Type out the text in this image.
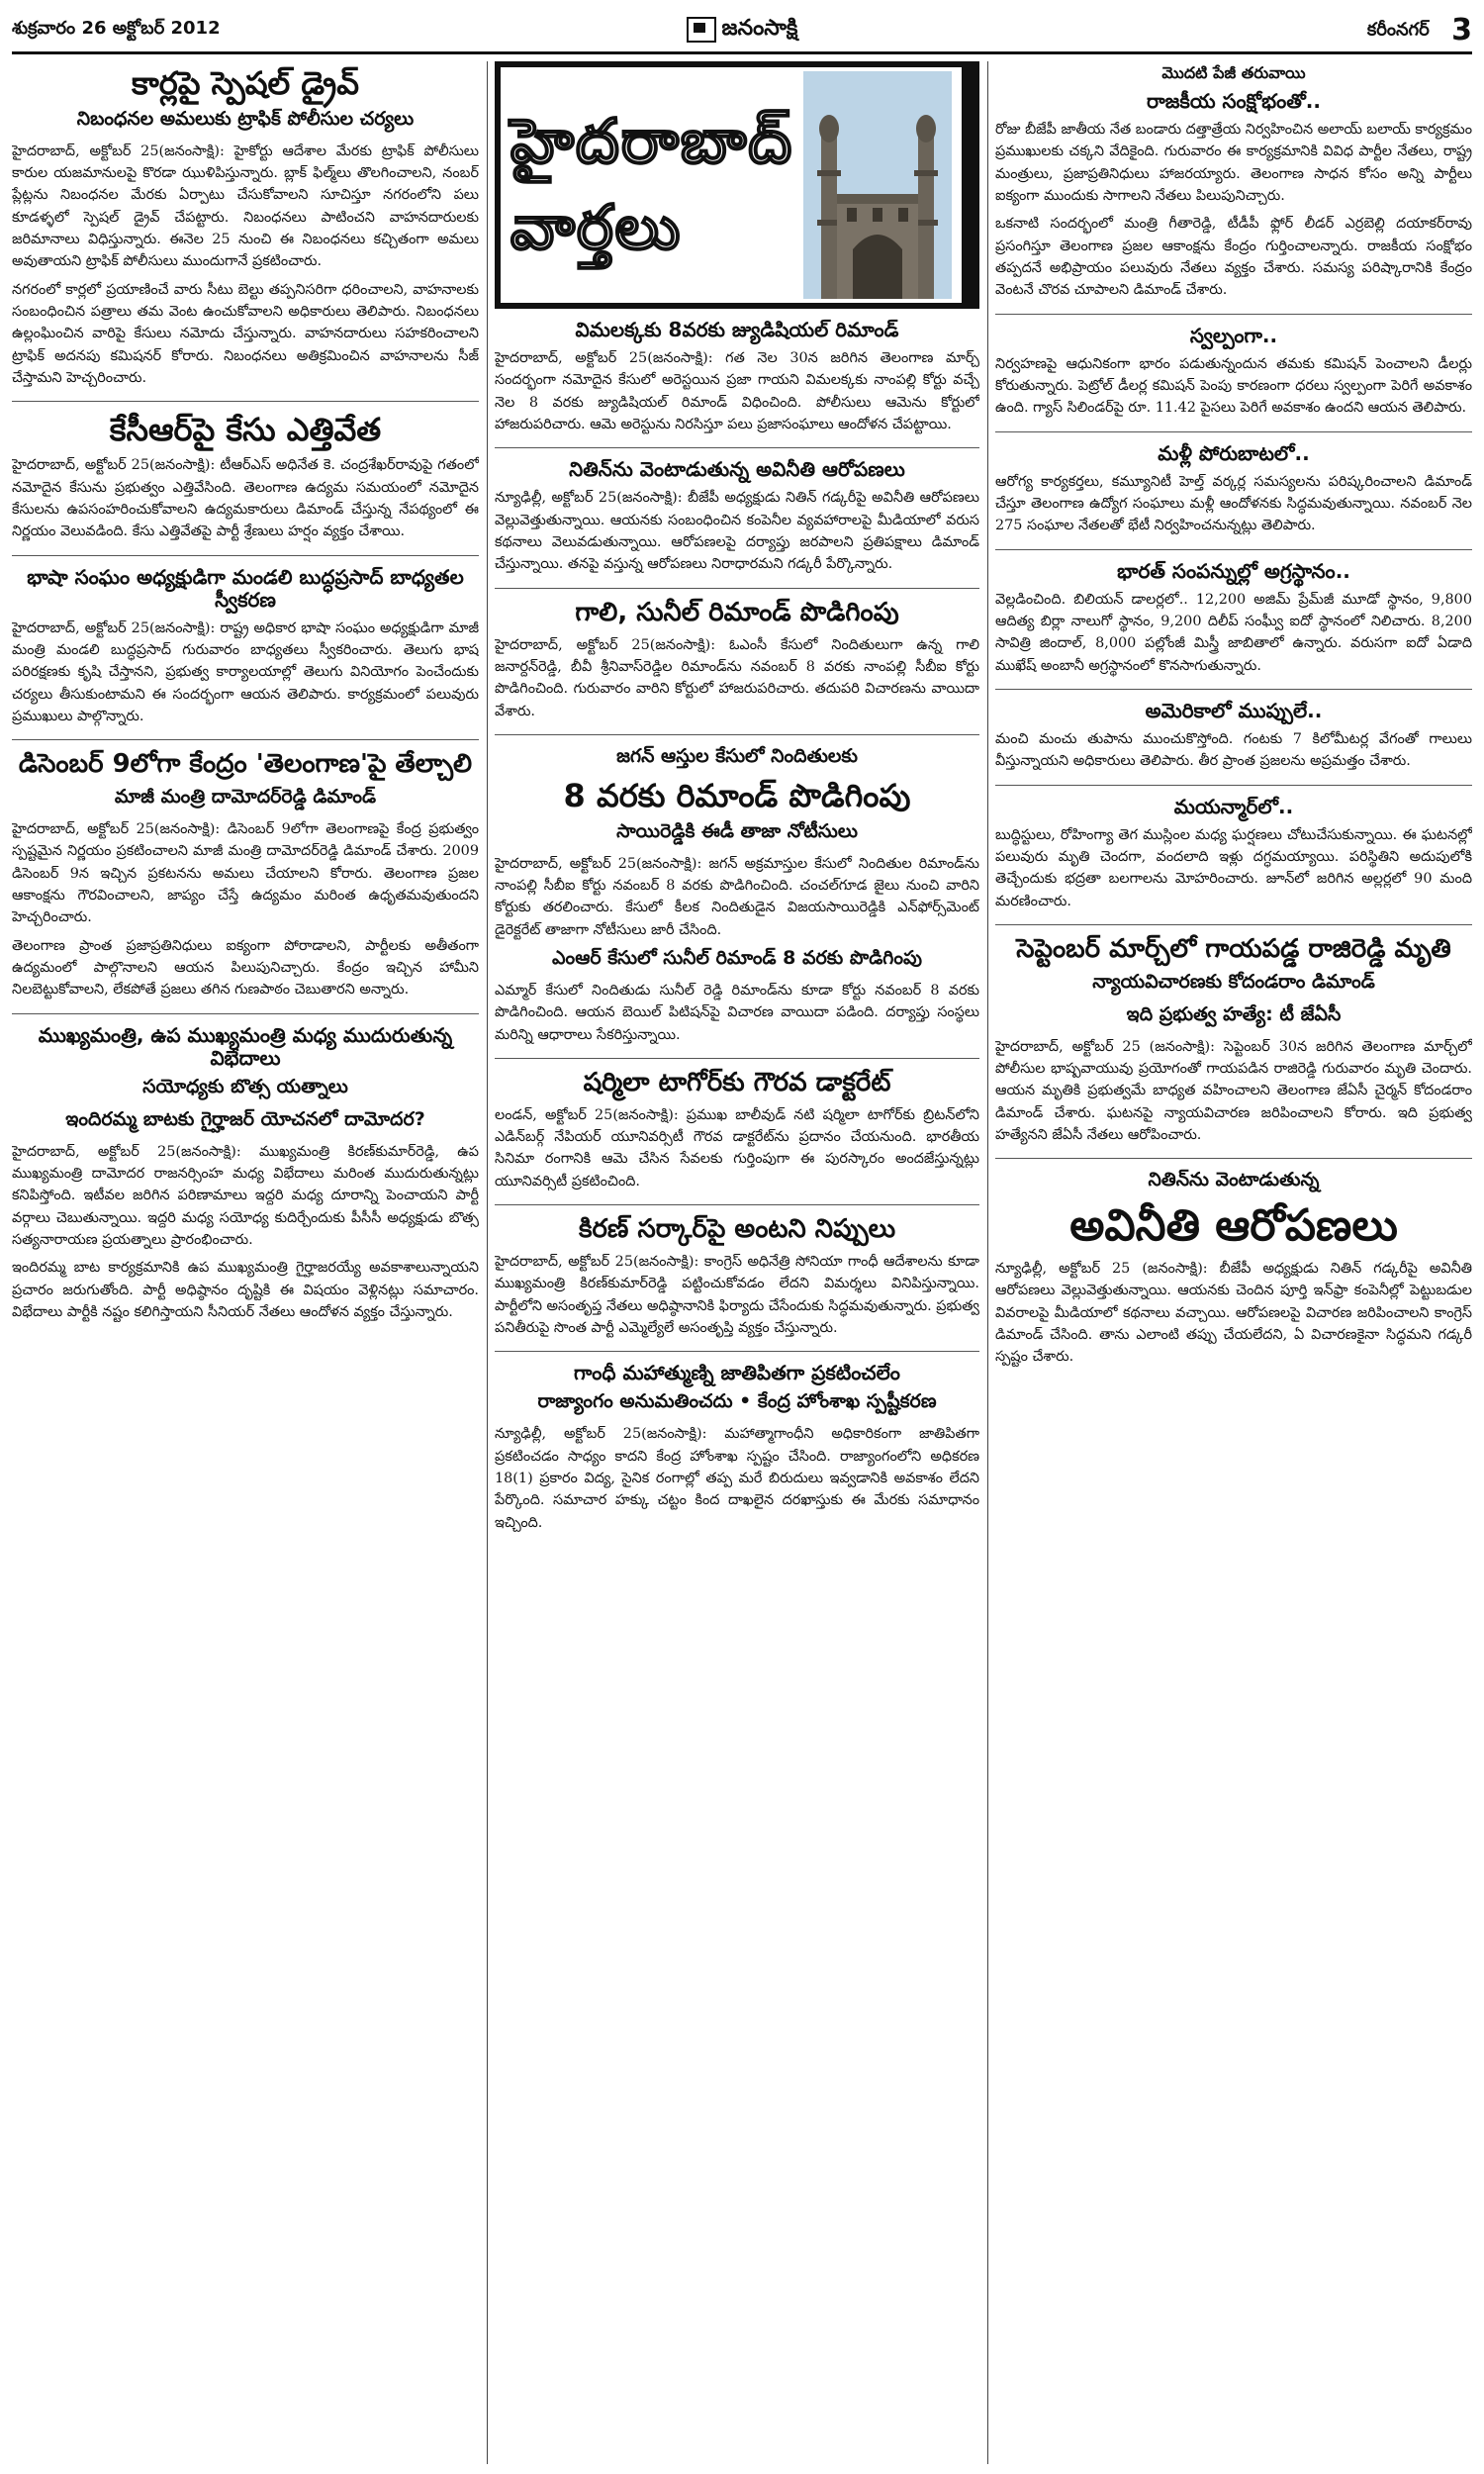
శుక్రవారం 26 అక్టోబర్ 2012	జనంసాక్షి	కరీంనగర్ 3
కార్లపై స్పెషల్ డ్రైవ్
నిబంధనల అమలుకు ట్రాఫిక్ పోలీసుల చర్యలు

హైదరాబాద్, అక్టోబర్ 25(జనంసాక్షి): హైకోర్టు ఆదేశాల మేరకు ట్రాఫిక్ పోలీసులు కారుల యజమానులపై కొరడా ఝుళిపిస్తున్నారు. బ్లాక్ ఫిల్మ్‌లు తొలగించాలని, నంబర్ ప్లేట్లను నిబంధనల మేరకు ఏర్పాటు చేసుకోవాలని సూచిస్తూ నగరంలోని పలు కూడళ్ళలో స్పెషల్ డ్రైవ్ చేపట్టారు. నిబంధనలు పాటించని వాహనదారులకు జరిమానాలు విధిస్తున్నారు. ఈనెల 25 నుంచి ఈ నిబంధనలు కచ్చితంగా అమలు అవుతాయని ట్రాఫిక్ పోలీసులు ముందుగానే ప్రకటించారు.

నగరంలో కార్లలో ప్రయాణించే వారు సీటు బెల్టు తప్పనిసరిగా ధరించాలని, వాహనాలకు సంబంధించిన పత్రాలు తమ వెంట ఉంచుకోవాలని అధికారులు తెలిపారు. నిబంధనలు ఉల్లంఘించిన వారిపై కేసులు నమోదు చేస్తున్నారు. వాహనదారులు సహకరించాలని ట్రాఫిక్ అదనపు కమిషనర్ కోరారు. నిబంధనలు అతిక్రమించిన వాహనాలను సీజ్ చేస్తామని హెచ్చరించారు.

కేసీఆర్‌పై కేసు ఎత్తివేత

హైదరాబాద్, అక్టోబర్ 25(జనంసాక్షి): టీఆర్ఎస్ అధినేత కె. చంద్రశేఖర్‌రావుపై గతంలో నమోదైన కేసును ప్రభుత్వం ఎత్తివేసింది. తెలంగాణ ఉద్యమ సమయంలో నమోదైన కేసులను ఉపసంహరించుకోవాలని ఉద్యమకారులు డిమాండ్ చేస్తున్న నేపథ్యంలో ఈ నిర్ణయం వెలువడింది. కేసు ఎత్తివేతపై పార్టీ శ్రేణులు హర్షం వ్యక్తం చేశాయి.

భాషా సంఘం అధ్యక్షుడిగా మండలి బుద్ధప్రసాద్ బాధ్యతల స్వీకరణ

హైదరాబాద్, అక్టోబర్ 25(జనంసాక్షి): రాష్ట్ర అధికార భాషా సంఘం అధ్యక్షుడిగా మాజీ మంత్రి మండలి బుద్ధప్రసాద్ గురువారం బాధ్యతలు స్వీకరించారు. తెలుగు భాష పరిరక్షణకు కృషి చేస్తానని, ప్రభుత్వ కార్యాలయాల్లో తెలుగు వినియోగం పెంచేందుకు చర్యలు తీసుకుంటామని ఈ సందర్భంగా ఆయన తెలిపారు. కార్యక్రమంలో పలువురు ప్రముఖులు పాల్గొన్నారు.

డిసెంబర్ 9లోగా కేంద్రం 'తెలంగాణ'పై తేల్చాలి
మాజీ మంత్రి దామోదర్‌రెడ్డి డిమాండ్

హైదరాబాద్, అక్టోబర్ 25(జనంసాక్షి): డిసెంబర్ 9లోగా తెలంగాణపై కేంద్ర ప్రభుత్వం స్పష్టమైన నిర్ణయం ప్రకటించాలని మాజీ మంత్రి దామోదర్‌రెడ్డి డిమాండ్ చేశారు. 2009 డిసెంబర్ 9న ఇచ్చిన ప్రకటనను అమలు చేయాలని కోరారు. తెలంగాణ ప్రజల ఆకాంక్షను గౌరవించాలని, జాప్యం చేస్తే ఉద్యమం మరింత ఉధృతమవుతుందని హెచ్చరించారు.

తెలంగాణ ప్రాంత ప్రజాప్రతినిధులు ఐక్యంగా పోరాడాలని, పార్టీలకు అతీతంగా ఉద్యమంలో పాల్గొనాలని ఆయన పిలుపునిచ్చారు. కేంద్రం ఇచ్చిన హామీని నిలబెట్టుకోవాలని, లేకపోతే ప్రజలు తగిన గుణపాఠం చెబుతారని అన్నారు.

ముఖ్యమంత్రి, ఉప ముఖ్యమంత్రి మధ్య ముదురుతున్న విభేదాలు
సయోధ్యకు బొత్స యత్నాలు
ఇందిరమ్మ బాటకు గైర్హాజర్ యోచనలో దామోదర?

హైదరాబాద్, అక్టోబర్ 25(జనంసాక్షి): ముఖ్యమంత్రి కిరణ్‌కుమార్‌రెడ్డి, ఉప ముఖ్యమంత్రి దామోదర రాజనర్సింహ మధ్య విభేదాలు మరింత ముదురుతున్నట్లు కనిపిస్తోంది. ఇటీవల జరిగిన పరిణామాలు ఇద్దరి మధ్య దూరాన్ని పెంచాయని పార్టీ వర్గాలు చెబుతున్నాయి. ఇద్దరి మధ్య సయోధ్య కుదిర్చేందుకు పీసీసీ అధ్యక్షుడు బొత్స సత్యనారాయణ ప్రయత్నాలు ప్రారంభించారు.

ఇందిరమ్మ బాట కార్యక్రమానికి ఉప ముఖ్యమంత్రి గైర్హాజరయ్యే అవకాశాలున్నాయని ప్రచారం జరుగుతోంది. పార్టీ అధిష్ఠానం దృష్టికి ఈ విషయం వెళ్లినట్లు సమాచారం. విభేదాలు పార్టీకి నష్టం కలిగిస్తాయని సీనియర్ నేతలు ఆందోళన వ్యక్తం చేస్తున్నారు.

హైదరాబాద్
వార్తలు
విమలక్కకు 8వరకు జ్యుడిషియల్ రిమాండ్

హైదరాబాద్, అక్టోబర్ 25(జనంసాక్షి): గత నెల 30న జరిగిన తెలంగాణ మార్చ్ సందర్భంగా నమోదైన కేసులో అరెస్టయిన ప్రజా గాయని విమలక్కకు నాంపల్లి కోర్టు వచ్చే నెల 8 వరకు జ్యుడిషియల్ రిమాండ్ విధించింది. పోలీసులు ఆమెను కోర్టులో హాజరుపరిచారు. ఆమె అరెస్టును నిరసిస్తూ పలు ప్రజాసంఘాలు ఆందోళన చేపట్టాయి.

నితిన్‌ను వెంటాడుతున్న అవినీతి ఆరోపణలు

న్యూఢిల్లీ, అక్టోబర్ 25(జనంసాక్షి): బీజేపీ అధ్యక్షుడు నితిన్ గడ్కరీపై అవినీతి ఆరోపణలు వెల్లువెత్తుతున్నాయి. ఆయనకు సంబంధించిన కంపెనీల వ్యవహారాలపై మీడియాలో వరుస కథనాలు వెలువడుతున్నాయి. ఆరోపణలపై దర్యాప్తు జరపాలని ప్రతిపక్షాలు డిమాండ్ చేస్తున్నాయి. తనపై వస్తున్న ఆరోపణలు నిరాధారమని గడ్కరీ పేర్కొన్నారు.

గాలి, సునీల్ రిమాండ్ పొడిగింపు

హైదరాబాద్, అక్టోబర్ 25(జనంసాక్షి): ఓఎంసీ కేసులో నిందితులుగా ఉన్న గాలి జనార్దన్‌రెడ్డి, బీవీ శ్రీనివాస్‌రెడ్డిల రిమాండ్‌ను నవంబర్ 8 వరకు నాంపల్లి సీబీఐ కోర్టు పొడిగించింది. గురువారం వారిని కోర్టులో హాజరుపరిచారు. తదుపరి విచారణను వాయిదా వేశారు.

జగన్ ఆస్తుల కేసులో నిందితులకు
8 వరకు రిమాండ్ పొడిగింపు
సాయిరెడ్డికి ఈడీ తాజా నోటీసులు

హైదరాబాద్, అక్టోబర్ 25(జనంసాక్షి): జగన్ అక్రమాస్తుల కేసులో నిందితుల రిమాండ్‌ను నాంపల్లి సీబీఐ కోర్టు నవంబర్ 8 వరకు పొడిగించింది. చంచల్‌గూడ జైలు నుంచి వారిని కోర్టుకు తరలించారు. కేసులో కీలక నిందితుడైన విజయసాయిరెడ్డికి ఎన్‌ఫోర్స్‌మెంట్ డైరెక్టరేట్ తాజాగా నోటీసులు జారీ చేసింది.

ఎంఆర్ కేసులో సునీల్ రిమాండ్ 8 వరకు పొడిగింపు

ఎమ్మార్ కేసులో నిందితుడు సునీల్ రెడ్డి రిమాండ్‌ను కూడా కోర్టు నవంబర్ 8 వరకు పొడిగించింది. ఆయన బెయిల్ పిటిషన్‌పై విచారణ వాయిదా పడింది. దర్యాప్తు సంస్థలు మరిన్ని ఆధారాలు సేకరిస్తున్నాయి.

షర్మిలా టాగోర్‌కు గౌరవ డాక్టరేట్

లండన్, అక్టోబర్ 25(జనంసాక్షి): ప్రముఖ బాలీవుడ్ నటి షర్మిలా టాగోర్‌కు బ్రిటన్‌లోని ఎడిన్‌బర్గ్ నేపియర్ యూనివర్సిటీ గౌరవ డాక్టరేట్‌ను ప్రదానం చేయనుంది. భారతీయ సినిమా రంగానికి ఆమె చేసిన సేవలకు గుర్తింపుగా ఈ పురస్కారం అందజేస్తున్నట్లు యూనివర్సిటీ ప్రకటించింది.

కిరణ్ సర్కార్‌పై అంటని నిప్పులు

హైదరాబాద్, అక్టోబర్ 25(జనంసాక్షి): కాంగ్రెస్ అధినేత్రి సోనియా గాంధీ ఆదేశాలను కూడా ముఖ్యమంత్రి కిరణ్‌కుమార్‌రెడ్డి పట్టించుకోవడం లేదని విమర్శలు వినిపిస్తున్నాయి. పార్టీలోని అసంతృప్త నేతలు అధిష్ఠానానికి ఫిర్యాదు చేసేందుకు సిద్ధమవుతున్నారు. ప్రభుత్వ పనితీరుపై సొంత పార్టీ ఎమ్మెల్యేలే అసంతృప్తి వ్యక్తం చేస్తున్నారు.

గాంధీ మహాత్ముణ్ని జాతిపితగా ప్రకటించలేం
రాజ్యాంగం అనుమతించదు • కేంద్ర హోంశాఖ స్పష్టీకరణ

న్యూఢిల్లీ, అక్టోబర్ 25(జనంసాక్షి): మహాత్మాగాంధీని అధికారికంగా జాతిపితగా ప్రకటించడం సాధ్యం కాదని కేంద్ర హోంశాఖ స్పష్టం చేసింది. రాజ్యాంగంలోని అధికరణ 18(1) ప్రకారం విద్య, సైనిక రంగాల్లో తప్ప మరే బిరుదులు ఇవ్వడానికి అవకాశం లేదని పేర్కొంది. సమాచార హక్కు చట్టం కింద దాఖలైన దరఖాస్తుకు ఈ మేరకు సమాధానం ఇచ్చింది.

మొదటి పేజీ తరువాయి
రాజకీయ సంక్షోభంతో..

రోజు బీజేపీ జాతీయ నేత బండారు దత్తాత్రేయ నిర్వహించిన అలాయ్ బలాయ్ కార్యక్రమం ప్రముఖులకు చక్కని వేదికైంది. గురువారం ఈ కార్యక్రమానికి వివిధ పార్టీల నేతలు, రాష్ట్ర మంత్రులు, ప్రజాప్రతినిధులు హాజరయ్యారు. తెలంగాణ సాధన కోసం అన్ని పార్టీలు ఐక్యంగా ముందుకు సాగాలని నేతలు పిలుపునిచ్చారు.

ఒకనాటి సందర్భంలో మంత్రి గీతారెడ్డి, టీడీపీ ఫ్లోర్ లీడర్ ఎర్రబెల్లి దయాకర్‌రావు ప్రసంగిస్తూ తెలంగాణ ప్రజల ఆకాంక్షను కేంద్రం గుర్తించాలన్నారు. రాజకీయ సంక్షోభం తప్పదనే అభిప్రాయం పలువురు నేతలు వ్యక్తం చేశారు. సమస్య పరిష్కారానికి కేంద్రం వెంటనే చొరవ చూపాలని డిమాండ్ చేశారు.

స్వల్పంగా..

నిర్వహణపై ఆధునికంగా భారం పడుతున్నందున తమకు కమిషన్ పెంచాలని డీలర్లు కోరుతున్నారు. పెట్రోల్ డీలర్ల కమిషన్ పెంపు కారణంగా ధరలు స్వల్పంగా పెరిగే అవకాశం ఉంది. గ్యాస్ సిలిండర్‌పై రూ. 11.42 పైసలు పెరిగే అవకాశం ఉందని ఆయన తెలిపారు.

మళ్లీ పోరుబాటలో..

ఆరోగ్య కార్యకర్తలు, కమ్యూనిటీ హెల్త్ వర్కర్ల సమస్యలను పరిష్కరించాలని డిమాండ్ చేస్తూ తెలంగాణ ఉద్యోగ సంఘాలు మళ్లీ ఆందోళనకు సిద్ధమవుతున్నాయి. నవంబర్ నెల 275 సంఘాల నేతలతో భేటీ నిర్వహించనున్నట్లు తెలిపారు.

భారత్ సంపన్నుల్లో అగ్రస్థానం..

వెల్లడించింది. బిలియన్ డాలర్లలో.. 12,200 అజిమ్ ప్రేమ్‌జీ మూడో స్థానం, 9,800 ఆదిత్య బిర్లా నాలుగో స్థానం, 9,200 దిలీప్ సంఘ్వీ ఐదో స్థానంలో నిలిచారు. 8,200 సావిత్రి జిందాల్, 8,000 పల్లోంజీ మిస్త్రీ జాబితాలో ఉన్నారు. వరుసగా ఐదో ఏడాది ముఖేష్ అంబానీ అగ్రస్థానంలో కొనసాగుతున్నారు.

అమెరికాలో ముప్పులే..

మంచి మంచు తుపాను ముంచుకొస్తోంది. గంటకు 7 కిలోమీటర్ల వేగంతో గాలులు వీస్తున్నాయని అధికారులు తెలిపారు. తీర ప్రాంత ప్రజలను అప్రమత్తం చేశారు.

మయన్మార్‌లో..

బుద్ధిస్టులు, రోహింగ్యా తెగ ముస్లింల మధ్య ఘర్షణలు చోటుచేసుకున్నాయి. ఈ ఘటనల్లో పలువురు మృతి చెందగా, వందలాది ఇళ్లు దగ్ధమయ్యాయి. పరిస్థితిని అదుపులోకి తెచ్చేందుకు భద్రతా బలగాలను మోహరించారు. జూన్‌లో జరిగిన అల్లర్లలో 90 మంది మరణించారు.

సెప్టెంబర్ మార్చ్‌లో గాయపడ్డ రాజిరెడ్డి మృతి
న్యాయవిచారణకు కోదండరాం డిమాండ్
ఇది ప్రభుత్వ హత్యే: టీ జేఏసీ

హైదరాబాద్, అక్టోబర్ 25 (జనంసాక్షి): సెప్టెంబర్ 30న జరిగిన తెలంగాణ మార్చ్‌లో పోలీసుల భాష్పవాయువు ప్రయోగంతో గాయపడిన రాజిరెడ్డి గురువారం మృతి చెందారు. ఆయన మృతికి ప్రభుత్వమే బాధ్యత వహించాలని తెలంగాణ జేఏసీ చైర్మన్ కోదండరాం డిమాండ్ చేశారు. ఘటనపై న్యాయవిచారణ జరిపించాలని కోరారు. ఇది ప్రభుత్వ హత్యేనని జేఏసీ నేతలు ఆరోపించారు.

నితిన్‌ను వెంటాడుతున్న
అవినీతి ఆరోపణలు

న్యూఢిల్లీ, అక్టోబర్ 25 (జనంసాక్షి): బీజేపీ అధ్యక్షుడు నితిన్ గడ్కరీపై అవినీతి ఆరోపణలు వెల్లువెత్తుతున్నాయి. ఆయనకు చెందిన పూర్తి ఇన్‌ఫ్రా కంపెనీల్లో పెట్టుబడుల వివరాలపై మీడియాలో కథనాలు వచ్చాయి. ఆరోపణలపై విచారణ జరిపించాలని కాంగ్రెస్ డిమాండ్ చేసింది. తాను ఎలాంటి తప్పు చేయలేదని, ఏ విచారణకైనా సిద్ధమని గడ్కరీ స్పష్టం చేశారు.
